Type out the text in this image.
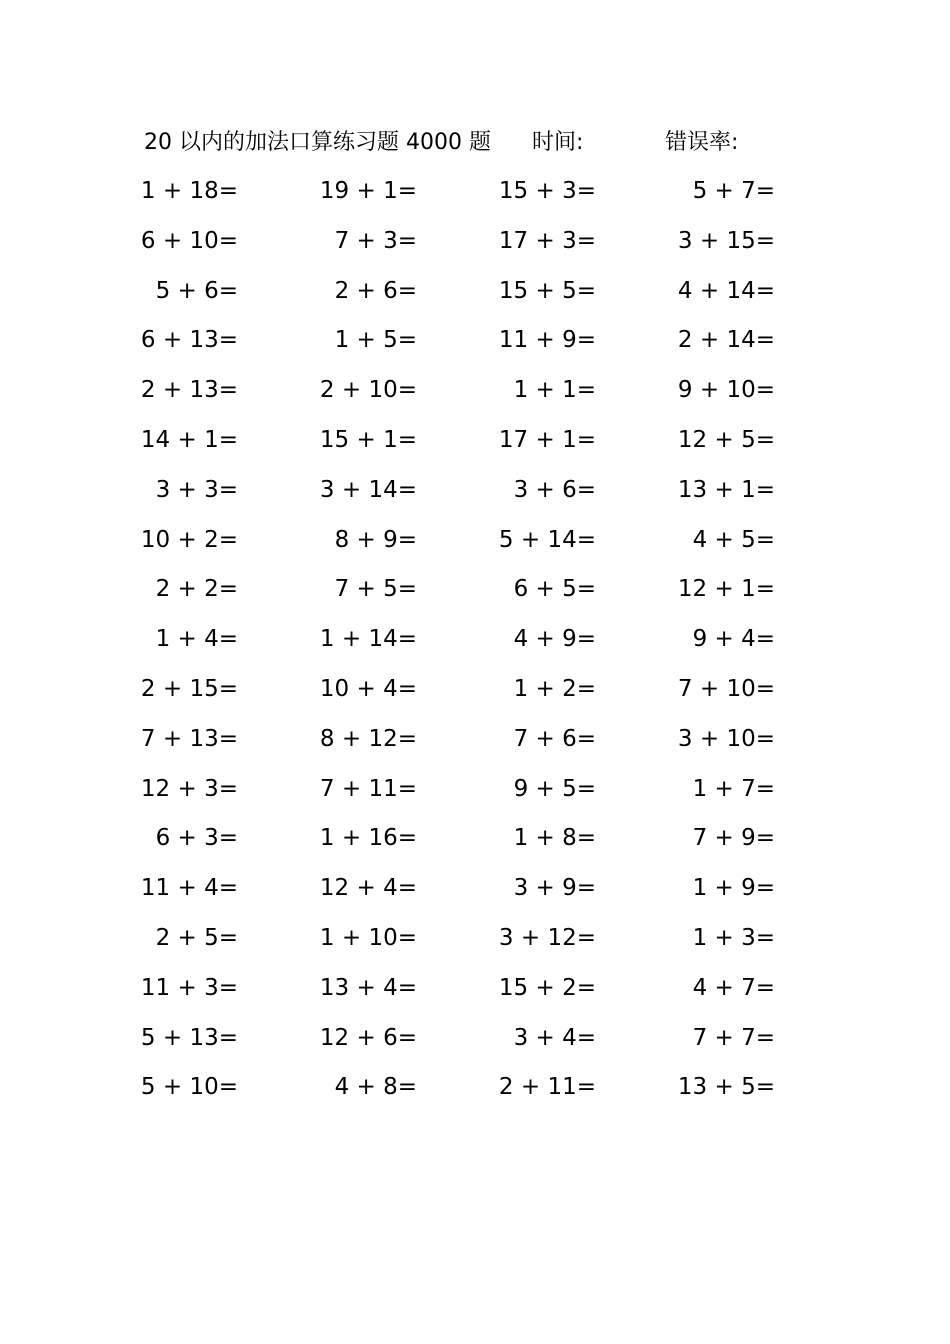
20 以内的加法口算练习题 4000 题 时间:	错误率:
1 + 18=	19 + 1=	15 + 3=	5 + 7=
6 + 10=	7 + 3=	17 + 3=	3 + 15=
5 + 6=	2 + 6=	15 + 5=	4 + 14=
6 + 13=	1 + 5=	11 + 9=	2 + 14=
2 + 13=	2 + 10=	1 + 1=	9 + 10=
14 + 1=	15 + 1=	17 + 1=	12 + 5=
3 + 3=	3 + 14=	3 + 6=	13 + 1=
10 + 2=	8 + 9=	5 + 14=	4 + 5=
2 + 2=	7 + 5=	6 + 5=	12 + 1=
1 + 4=	1 + 14=	4 + 9=	9 + 4=
2 + 15=	10 + 4=	1 + 2=	7 + 10=
7 + 13=	8 + 12=	7 + 6=	3 + 10=
12 + 3=	7 + 11=	9 + 5=	1 + 7=
6 + 3=	1 + 16=	1 + 8=	7 + 9=
11 + 4=	12 + 4=	3 + 9=	1 + 9=
2 + 5=	1 + 10=	3 + 12=	1 + 3=
11 + 3=	13 + 4=	15 + 2=	4 + 7=
5 + 13=	12 + 6=	3 + 4=	7 + 7=
5 + 10=	4 + 8=	2 + 11=	13 + 5=
